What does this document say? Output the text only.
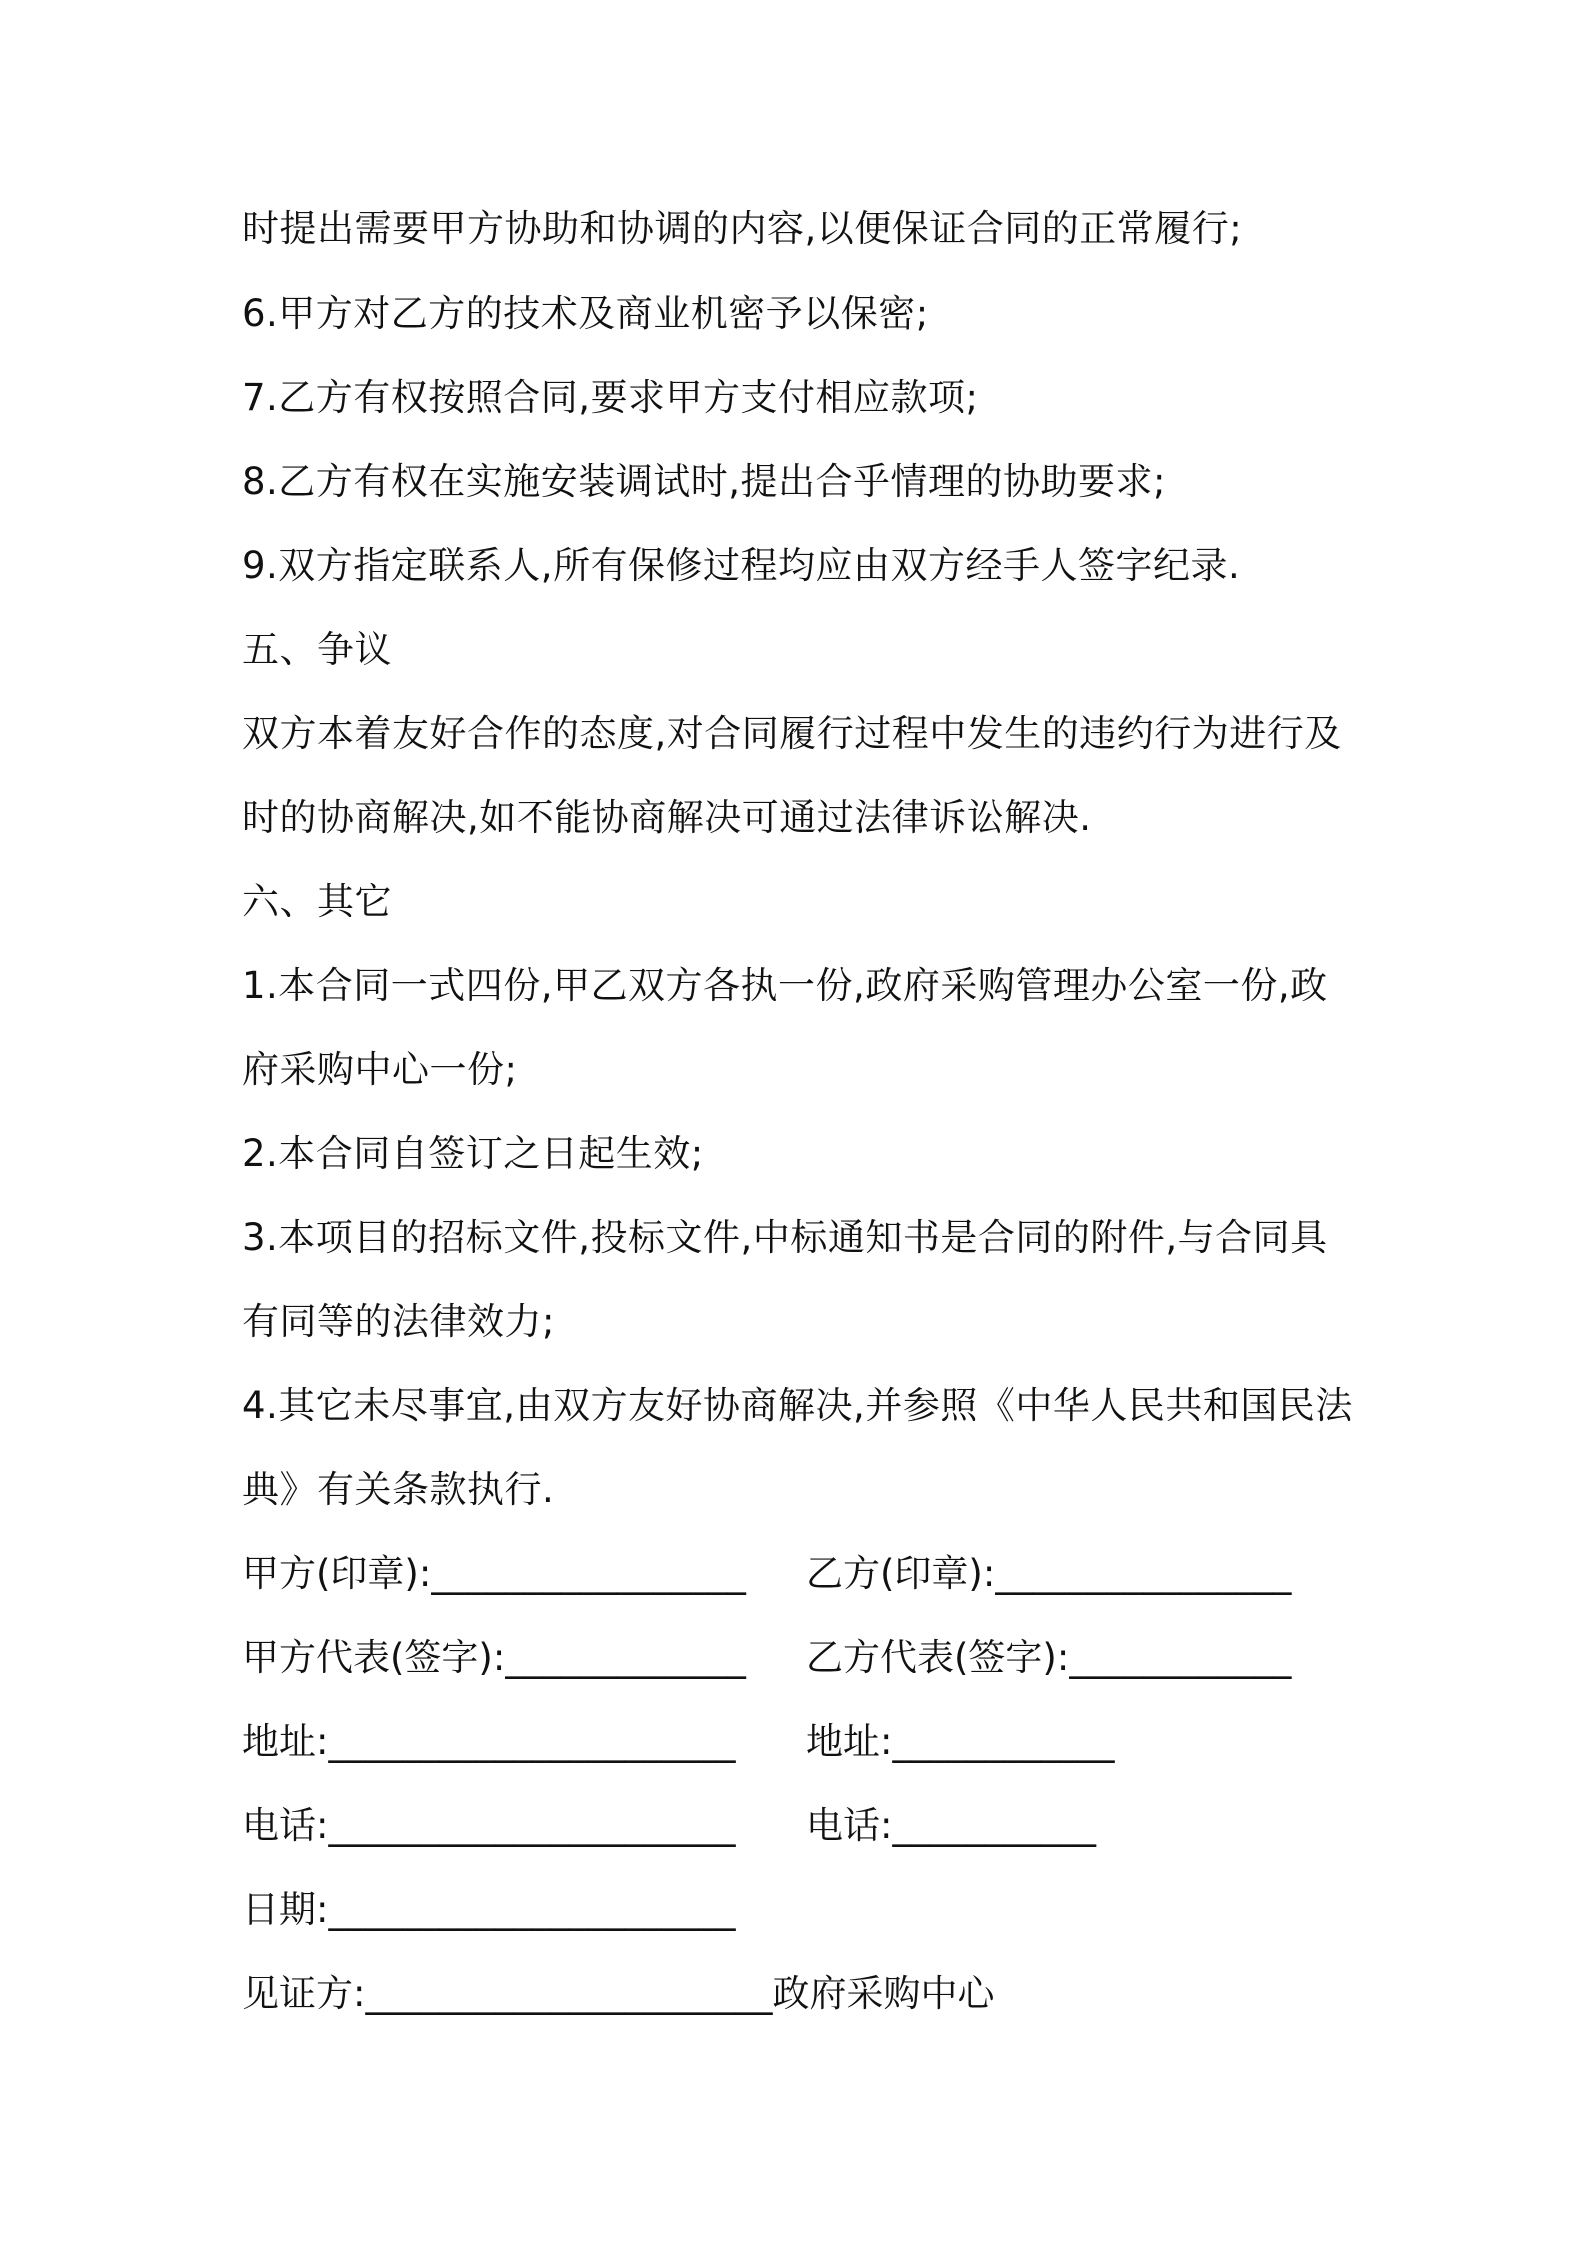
时提出需要甲方协助和协调的内容,以便保证合同的正常履行;
6.甲方对乙方的技术及商业机密予以保密;
7.乙方有权按照合同,要求甲方支付相应款项;
8.乙方有权在实施安装调试时,提出合乎情理的协助要求;
9.双方指定联系人,所有保修过程均应由双方经手人签字纪录.
五、争议
双方本着友好合作的态度,对合同履行过程中发生的违约行为进行及
时的协商解决,如不能协商解决可通过法律诉讼解决.
六、其它
1.本合同一式四份,甲乙双方各执一份,政府采购管理办公室一份,政
府采购中心一份;
2.本合同自签订之日起生效;
3.本项目的招标文件,投标文件,中标通知书是合同的附件,与合同具
有同等的法律效力;
4.其它未尽事宜,由双方友好协商解决,并参照《中华人民共和国民法
典》有关条款执行.
甲方(印章):_________________ 乙方(印章):________________
甲方代表(签字):_____________ 乙方代表(签字):____________
地址:______________________ 地址:____________
电话:______________________ 电话:___________
日期:______________________
见证方:______________________政府采购中心
